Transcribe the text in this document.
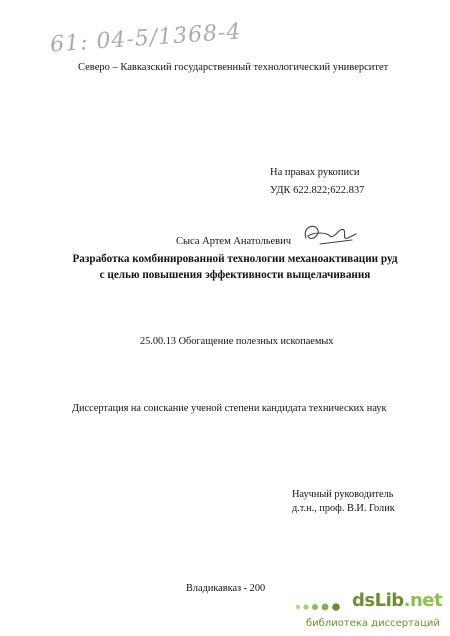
61: 04-5/1368-4
Северо – Кавказский государственный технологический университет
На правах рукописи
УДК 622.822;622.837
Сыса Артем Анатольевич
Разработка комбинированной технологии механоактивации руд
с целью повышения эффективности выщелачивания
25.00.13 Обогащение полезных ископаемых
Диссертация на соискание ученой степени кандидата технических наук
Научный руководитель
д.т.н., проф. В.И. Голик
Владикавказ - 200
dsLib.net
библиотека диссертаций
